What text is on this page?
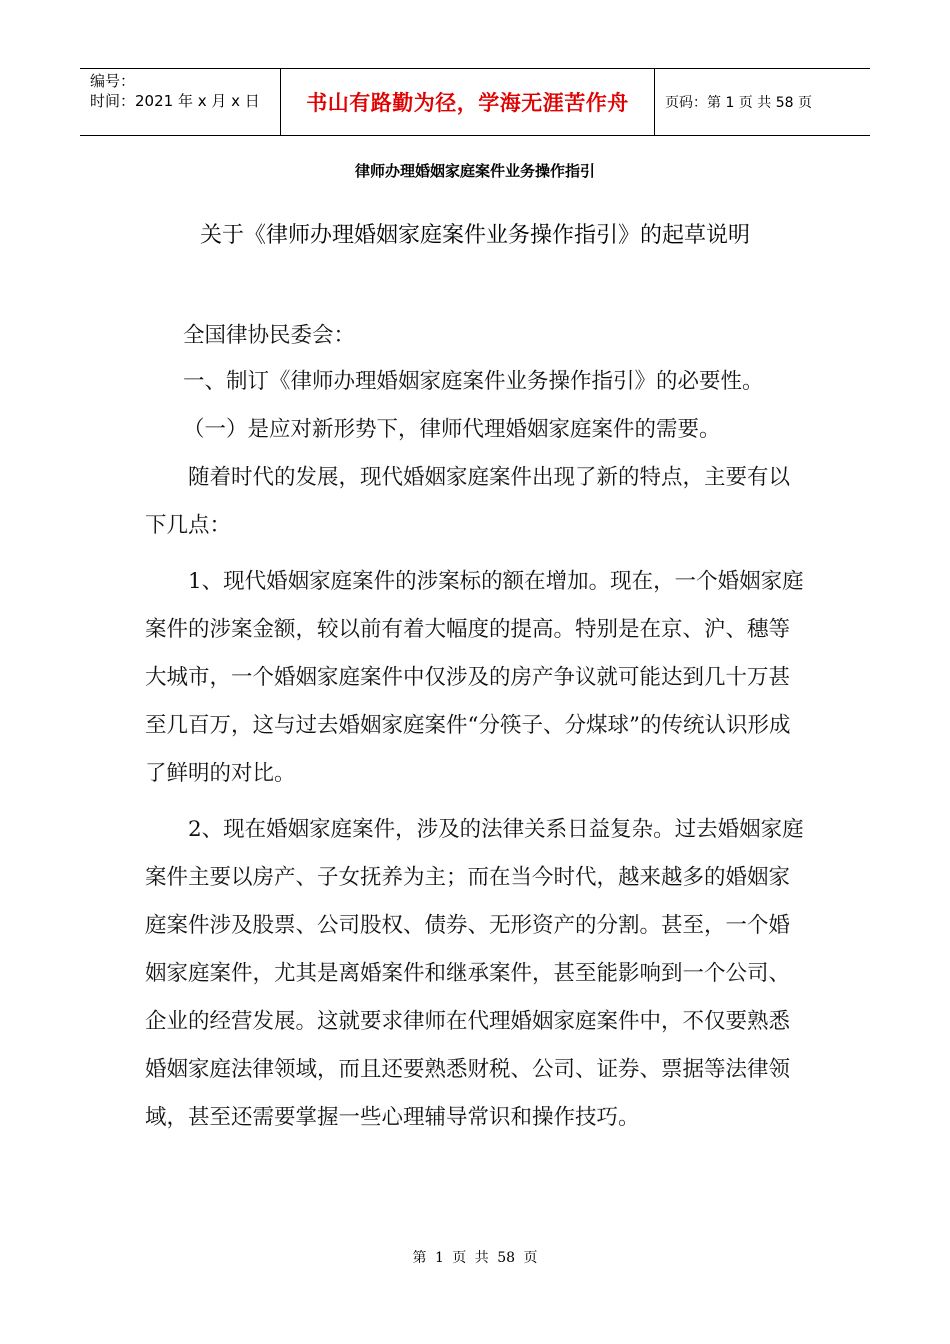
编号：
时间：2021 年 x 月 x 日	书山有路勤为径，学海无涯苦作舟	页码：第 1 页 共 58 页
律师办理婚姻家庭案件业务操作指引
关于《律师办理婚姻家庭案件业务操作指引》的起草说明
全国律协民委会：

一、制订《律师办理婚姻家庭案件业务操作指引》的必要性。

（一）是应对新形势下，律师代理婚姻家庭案件的需要。

随着时代的发展，现代婚姻家庭案件出现了新的特点，主要有以下几点：

1、现代婚姻家庭案件的涉案标的额在增加。现在，一个婚姻家庭案件的涉案金额，较以前有着大幅度的提高。特别是在京、沪、穗等大城市，一个婚姻家庭案件中仅涉及的房产争议就可能达到几十万甚至几百万，这与过去婚姻家庭案件“分筷子、分煤球”的传统认识形成了鲜明的对比。

2、现在婚姻家庭案件，涉及的法律关系日益复杂。过去婚姻家庭案件主要以房产、子女抚养为主；而在当今时代，越来越多的婚姻家庭案件涉及股票、公司股权、债券、无形资产的分割。甚至，一个婚姻家庭案件，尤其是离婚案件和继承案件，甚至能影响到一个公司、企业的经营发展。这就要求律师在代理婚姻家庭案件中，不仅要熟悉婚姻家庭法律领域，而且还要熟悉财税、公司、证券、票据等法律领域，甚至还需要掌握一些心理辅导常识和操作技巧。

第 1 页 共 58 页
